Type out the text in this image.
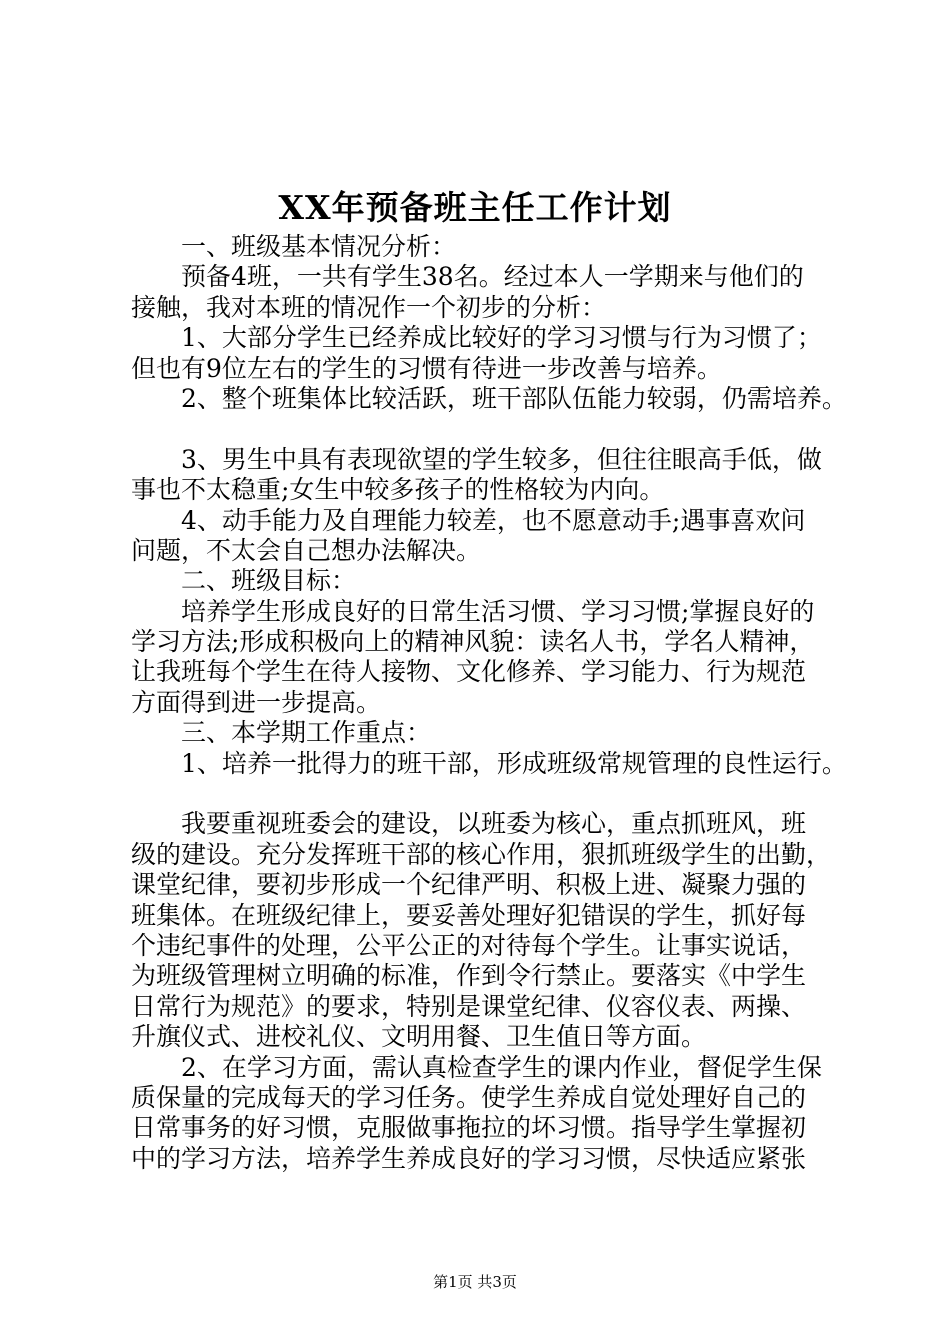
XX年预备班主任工作计划
一、班级基本情况分析：
预备4班，一共有学生38名。经过本人一学期来与他们的
接触，我对本班的情况作一个初步的分析：
1、大部分学生已经养成比较好的学习习惯与行为习惯了；
但也有9位左右的学生的习惯有待进一步改善与培养。
2、整个班集体比较活跃，班干部队伍能力较弱，仍需培养。
3、男生中具有表现欲望的学生较多，但往往眼高手低，做
事也不太稳重;女生中较多孩子的性格较为内向。
4、动手能力及自理能力较差，也不愿意动手;遇事喜欢问
问题，不太会自己想办法解决。
二、班级目标：
培养学生形成良好的日常生活习惯、学习习惯;掌握良好的
学习方法;形成积极向上的精神风貌：读名人书，学名人精神，
让我班每个学生在待人接物、文化修养、学习能力、行为规范
方面得到进一步提高。
三、本学期工作重点：
1、培养一批得力的班干部，形成班级常规管理的良性运行。
我要重视班委会的建设，以班委为核心，重点抓班风，班
级的建设。充分发挥班干部的核心作用，狠抓班级学生的出勤，
课堂纪律，要初步形成一个纪律严明、积极上进、凝聚力强的
班集体。在班级纪律上，要妥善处理好犯错误的学生，抓好每
个违纪事件的处理，公平公正的对待每个学生。让事实说话，
为班级管理树立明确的标准，作到令行禁止。要落实《中学生
日常行为规范》的要求，特别是课堂纪律、仪容仪表、两操、
升旗仪式、进校礼仪、文明用餐、卫生值日等方面。
2、在学习方面，需认真检查学生的课内作业，督促学生保
质保量的完成每天的学习任务。使学生养成自觉处理好自己的
日常事务的好习惯，克服做事拖拉的坏习惯。指导学生掌握初
中的学习方法，培养学生养成良好的学习习惯，尽快适应紧张
第1页 共3页
